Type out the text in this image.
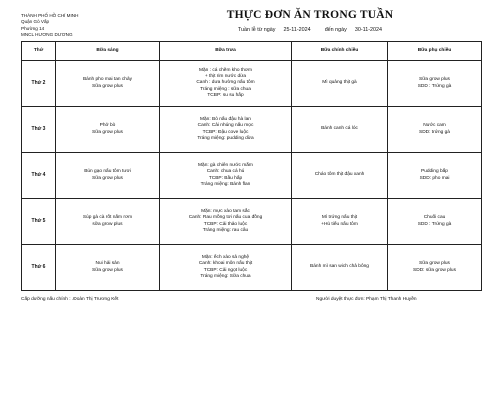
THÀNH PHỐ HỒ CHÍ MINH
Quận Gò Vấp
Phường 14
MNCL HƯƠNG DƯƠNG
THỰC ĐƠN ĂN TRONG TUẦN
Tuần lễ từ ngày 25-11-2024	đến ngày 30-11-2024
Thứ	Bữa sáng	Bữa trưa	Bữa chính chiều	Bữa phụ chiều
Thứ 2	Bánh pho mai tan chảy
Sữa grow plus	Mặn : cá chẽm kho thơm
+ thịt rim nước dừa
Canh : dưa hường nấu tôm
Tráng miệng : sữa chua
TCBP: su su hấp	Mì quảng thịt gà	Sữa grow plus
SDD : Trứng gà

Thứ 3	Phở bò
Sữa grow plus	Mặn: Bò nấu đậu hà lan
Canh: Cải nhúng nấu mọc
TCBP: Đậu cove luộc
Tráng miệng: pudding dừa	Bánh canh cá lóc	Nước cam
SDD: trứng gà

Thứ 4	Bún gạo nấu tôm tươi
Sữa grow plus	Mặn: gà chiên nước mắm
Canh: chua cá hú
TCBP: Bầu hấp
Tráng miệng: Bánh flan	Cháo tôm thịt đậu xanh	Pudding bắp
SDD: pho mai

Thứ 5	Súp gà cà rốt nấm rơm
sữa grow plus	Mặn: mực xào tam sắc
Canh: Rau mồng tơi nấu cua đồng
TCBP: Cải thảo luộc
Tráng miệng: rau câu	Mì trứng nấu thịt
+Hủ tiếu nấu tôm	Chuối cau
SDD : Trứng gà

Thứ 6	Nui hải sản
Sữa grow plus	Mặn: ếch xào sả nghệ
Canh: khoai môn nấu thịt
TCBP: Cải ngọt luộc
Tráng miệng: Sữa chua	Bánh mì san wich chả bông	Sữa grow plus
SDD: sữa grow plus
Cấp dưỡng nấu chính : .Đoàn Thị Trương Kết	Người duyệt thực đơn: Phạm Thị Thanh Huyền
